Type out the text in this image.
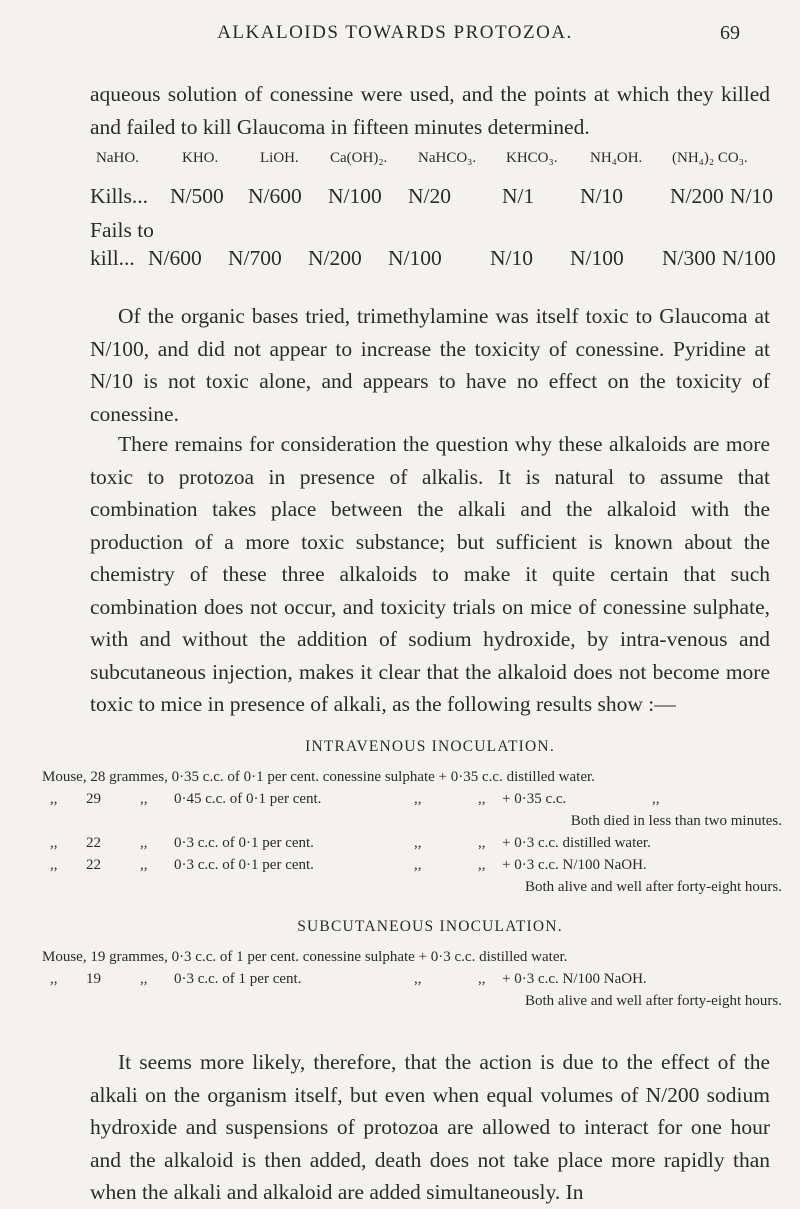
ALKALOIDS TOWARDS PROTOZOA.	69

aqueous solution of conessine were used, and the points at which they killed and failed to kill Glaucoma in fifteen minutes determined.

NaHO.	KHO.	LiOH. Ca(OH)₂. NaHCO₃. KHCO₃. NH₄OH. (NH₄)₂ CO₃.
Kills... N/500 N/600 N/100 N/20 N/1 N/10 N/200 N/10
Fails to
kill... N/600 N/700 N/200 N/100 N/10 N/100 N/300 N/100

Of the organic bases tried, trimethylamine was itself toxic to Glaucoma at N/100, and did not appear to increase the toxicity of conessine. Pyridine at N/10 is not toxic alone, and appears to have no effect on the toxicity of conessine.

There remains for consideration the question why these alkaloids are more toxic to protozoa in presence of alkalis. It is natural to assume that combination takes place between the alkali and the alkaloid with the production of a more toxic substance; but sufficient is known about the chemistry of these three alkaloids to make it quite certain that such combination does not occur, and toxicity trials on mice of conessine sulphate, with and without the addition of sodium hydroxide, by intra-venous and subcutaneous injection, makes it clear that the alkaloid does not become more toxic to mice in presence of alkali, as the following results show :—

INTRAVENOUS INOCULATION.
Mouse, 28 grammes, 0·35 c.c. of 0·1 per cent. conessine sulphate + 0·35 c.c. distilled water.
,, 29	,, 0·45 c.c. of 0·1 per cent.	,,	,, + 0·35 c.c.	,,
Both died in less than two minutes.
,, 22	,, 0·3 c.c. of 0·1 per cent.	,,	,, + 0·3 c.c. distilled water.
,, 22	,, 0·3 c.c. of 0·1 per cent.	,,	,, + 0·3 c.c. N/100 NaOH.
Both alive and well after forty-eight hours.
SUBCUTANEOUS INOCULATION.
Mouse, 19 grammes, 0·3 c.c. of 1 per cent. conessine sulphate + 0·3 c.c. distilled water.
,, 19	,, 0·3 c.c. of 1 per cent.	,,	,, + 0·3 c.c. N/100 NaOH.
Both alive and well after forty-eight hours.

It seems more likely, therefore, that the action is due to the effect of the alkali on the organism itself, but even when equal volumes of N/200 sodium hydroxide and suspensions of protozoa are allowed to interact for one hour and the alkaloid is then added, death does not take place more rapidly than when the alkali and alkaloid are added simultaneously. In
